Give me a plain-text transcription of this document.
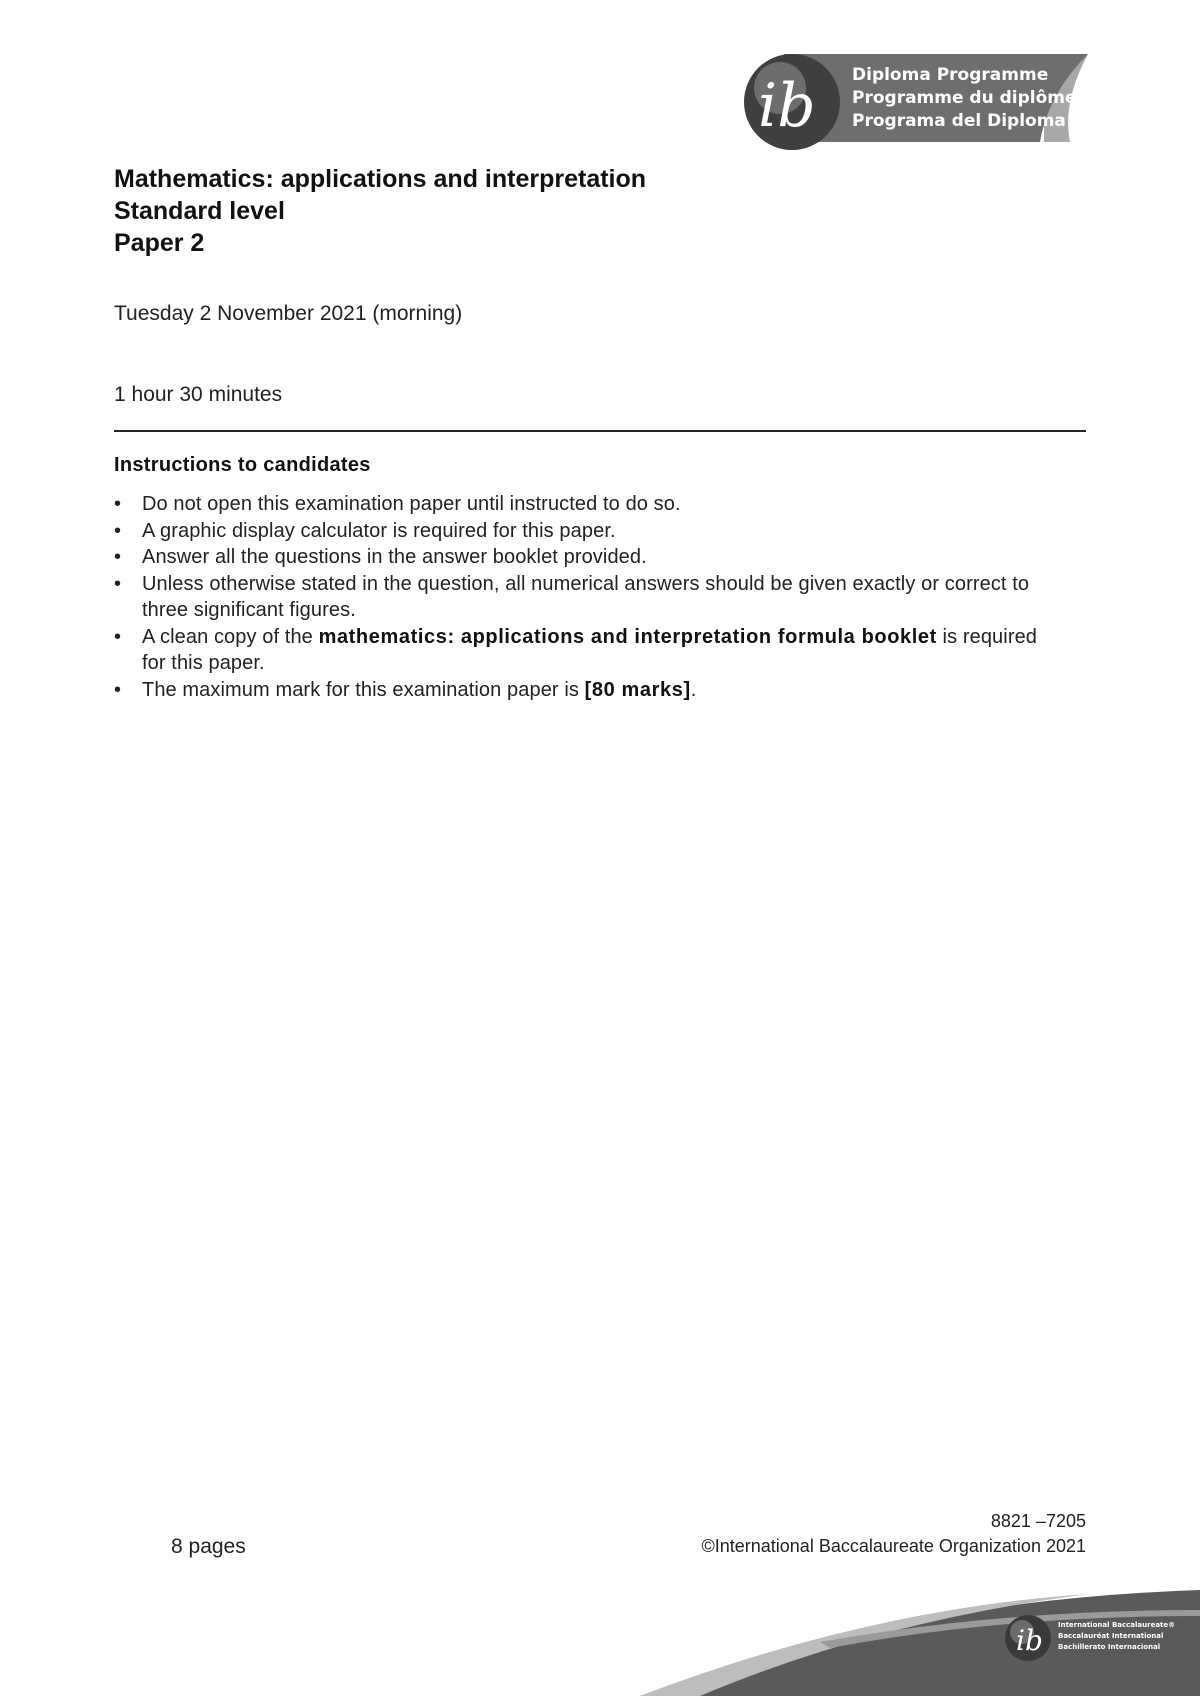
ib Diploma Programme
Programme du diplôme
Programa del Diploma
Mathematics: applications and interpretation
Standard level
Paper 2
Tuesday 2 November 2021 (morning)
1 hour 30 minutes
Instructions to candidates
• Do not open this examination paper until instructed to do so.
• A graphic display calculator is required for this paper.
• Answer all the questions in the answer booklet provided.
• Unless otherwise stated in the question, all numerical answers should be given exactly or correct to three significant figures.
• A clean copy of the mathematics: applications and interpretation formula booklet is required for this paper.
• The maximum mark for this examination paper is [80 marks].
8821 –7205
8 pages	©International Baccalaureate Organization 2021
ib International Baccalaureate®
Baccalauréat International
Bachillerato Internacional
